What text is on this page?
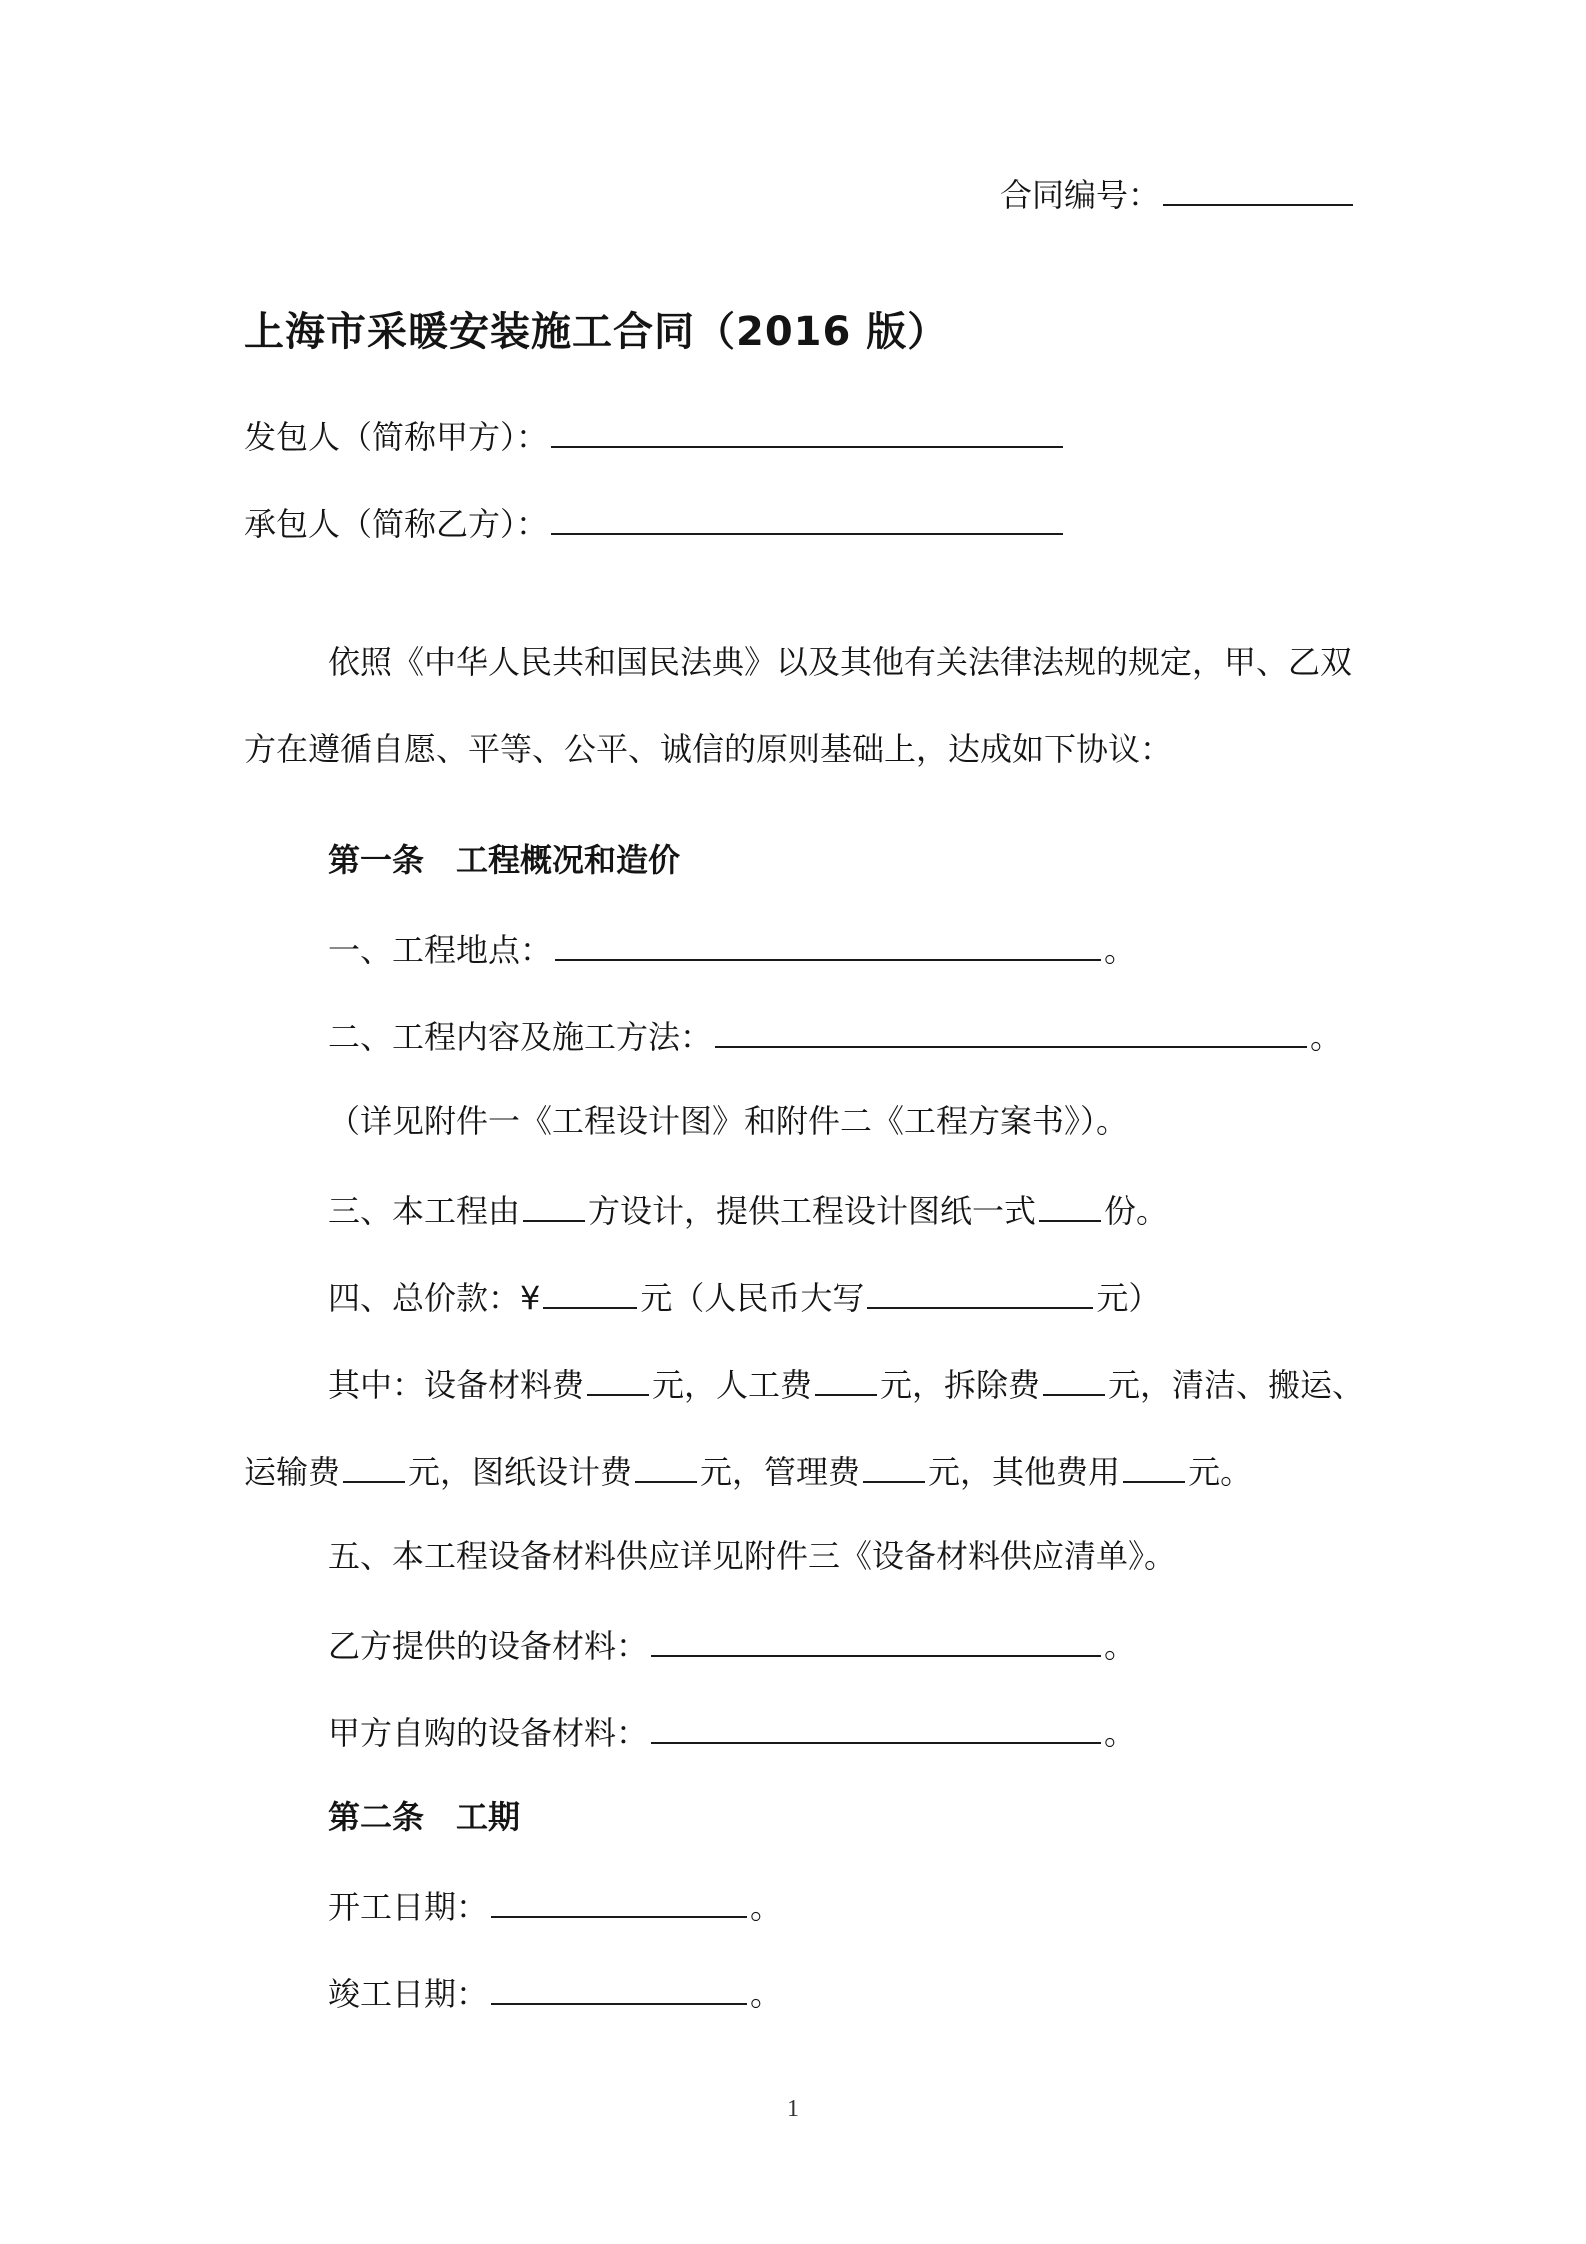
合同编号：
上海市采暖安装施工合同（2016 版）
发包人（简称甲方）：
承包人（简称乙方）：
依照《中华人民共和国民法典》以及其他有关法律法规的规定，甲、乙双
方在遵循自愿、平等、公平、诚信的原则基础上，达成如下协议：
第一条　工程概况和造价
一、工程地点：	。
二、工程内容及施工方法：	。
（详见附件一《工程设计图》和附件二《工程方案书》）。
三、本工程由 方设计，提供工程设计图纸一式 份。
四、总价款：¥	元（人民币大写	元）
其中：设备材料费 元，人工费 元，拆除费 元，清洁、搬运、
运输费 元，图纸设计费 元，管理费 元，其他费用 元。
五、本工程设备材料供应详见附件三《设备材料供应清单》。
乙方提供的设备材料：	。
甲方自购的设备材料：	。
第二条　工期
开工日期：	。
竣工日期：	。
1
